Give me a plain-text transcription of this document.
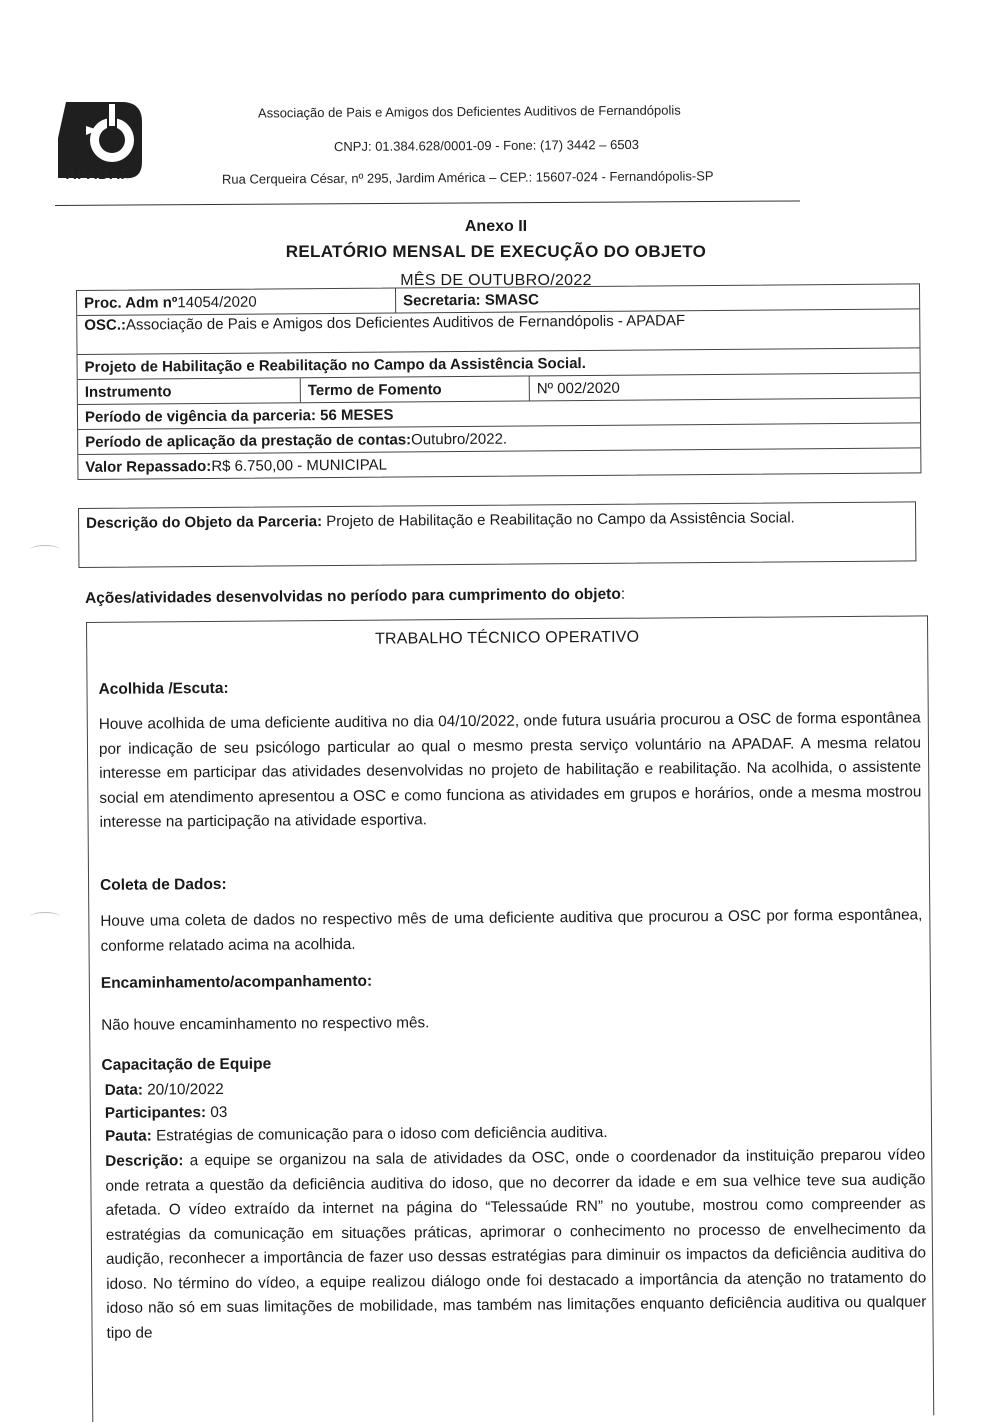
APADAF
Associação de Pais e Amigos dos Deficientes Auditivos de Fernandópolis
CNPJ: 01.384.628/0001-09 - Fone: (17) 3442 – 6503
Rua Cerqueira César, nº 295, Jardim América – CEP.: 15607-024 - Fernandópolis-SP
Anexo II
RELATÓRIO MENSAL DE EXECUÇÃO DO OBJETO
MÊS DE OUTUBRO/2022
Proc. Adm nº 14054/2020	Secretaria: SMASC
OSC.: Associação de Pais e Amigos dos Deficientes Auditivos de Fernandópolis - APADAF
Projeto de Habilitação e Reabilitação no Campo da Assistência Social.
Instrumento	Termo de Fomento	Nº 002/2020
Período de vigência da parceria: 56 MESES
Período de aplicação da prestação de contas: Outubro/2022.
Valor Repassado: R$ 6.750,00 - MUNICIPAL
Descrição do Objeto da Parceria: Projeto de Habilitação e Reabilitação no Campo da Assistência Social.
Ações/atividades desenvolvidas no período para cumprimento do objeto:
TRABALHO TÉCNICO OPERATIVO
Acolhida /Escuta:
Houve acolhida de uma deficiente auditiva no dia 04/10/2022, onde futura usuária procurou a OSC de forma espontânea por indicação de seu psicólogo particular ao qual o mesmo presta serviço voluntário na APADAF. A mesma relatou interesse em participar das atividades desenvolvidas no projeto de habilitação e reabilitação. Na acolhida, o assistente social em atendimento apresentou a OSC e como funciona as atividades em grupos e horários, onde a mesma mostrou interesse na participação na atividade esportiva.
Coleta de Dados:
Houve uma coleta de dados no respectivo mês de uma deficiente auditiva que procurou a OSC por forma espontânea, conforme relatado acima na acolhida.
Encaminhamento/acompanhamento:
Não houve encaminhamento no respectivo mês.
Capacitação de Equipe
Data: 20/10/2022
Participantes: 03
Pauta: Estratégias de comunicação para o idoso com deficiência auditiva.
Descrição: a equipe se organizou na sala de atividades da OSC, onde o coordenador da instituição preparou vídeo onde retrata a questão da deficiência auditiva do idoso, que no decorrer da idade e em sua velhice teve sua audição afetada. O vídeo extraído da internet na página do “Telessaúde RN” no youtube, mostrou como compreender as estratégias da comunicação em situações práticas, aprimorar o conhecimento no processo de envelhecimento da audição, reconhecer a importância de fazer uso dessas estratégias para diminuir os impactos da deficiência auditiva do idoso. No término do vídeo, a equipe realizou diálogo onde foi destacado a importância da atenção no tratamento do idoso não só em suas limitações de mobilidade, mas também nas limitações enquanto deficiência auditiva ou qualquer tipo de
